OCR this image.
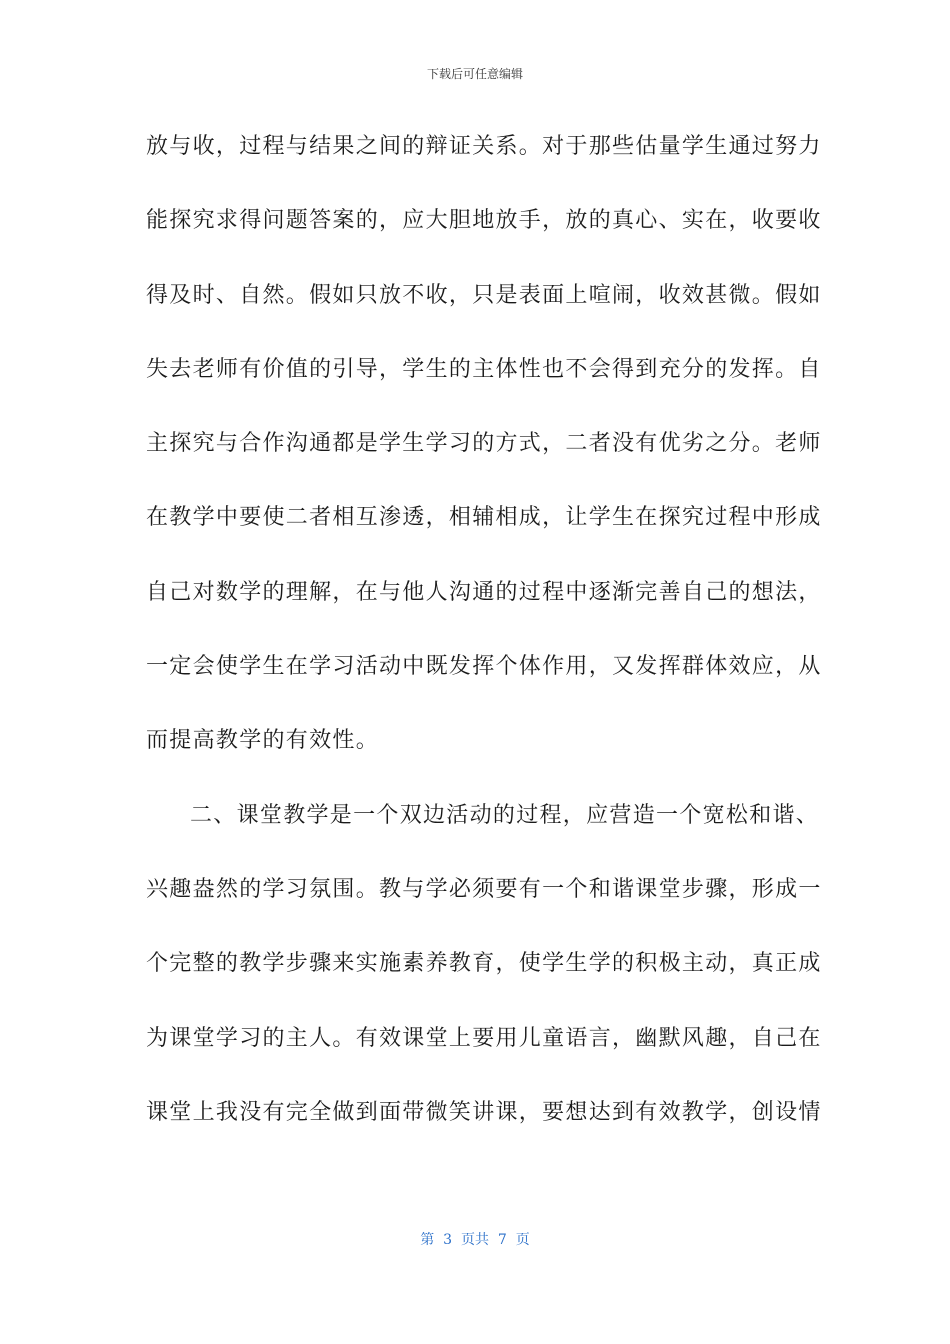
下载后可任意编辑
放与收，过程与结果之间的辩证关系。对于那些估量学生通过努力
能探究求得问题答案的，应大胆地放手，放的真心、实在，收要收
得及时、自然。假如只放不收，只是表面上喧闹，收效甚微。假如
失去老师有价值的引导，学生的主体性也不会得到充分的发挥。自
主探究与合作沟通都是学生学习的方式，二者没有优劣之分。老师
在教学中要使二者相互渗透，相辅相成，让学生在探究过程中形成
自己对数学的理解，在与他人沟通的过程中逐渐完善自己的想法，
一定会使学生在学习活动中既发挥个体作用，又发挥群体效应，从
而提高教学的有效性。
二、课堂教学是一个双边活动的过程，应营造一个宽松和谐、
兴趣盎然的学习氛围。教与学必须要有一个和谐课堂步骤，形成一
个完整的教学步骤来实施素养教育，使学生学的积极主动，真正成
为课堂学习的主人。有效课堂上要用儿童语言，幽默风趣，自己在
课堂上我没有完全做到面带微笑讲课，要想达到有效教学，创设情
第  3  页共  7  页
